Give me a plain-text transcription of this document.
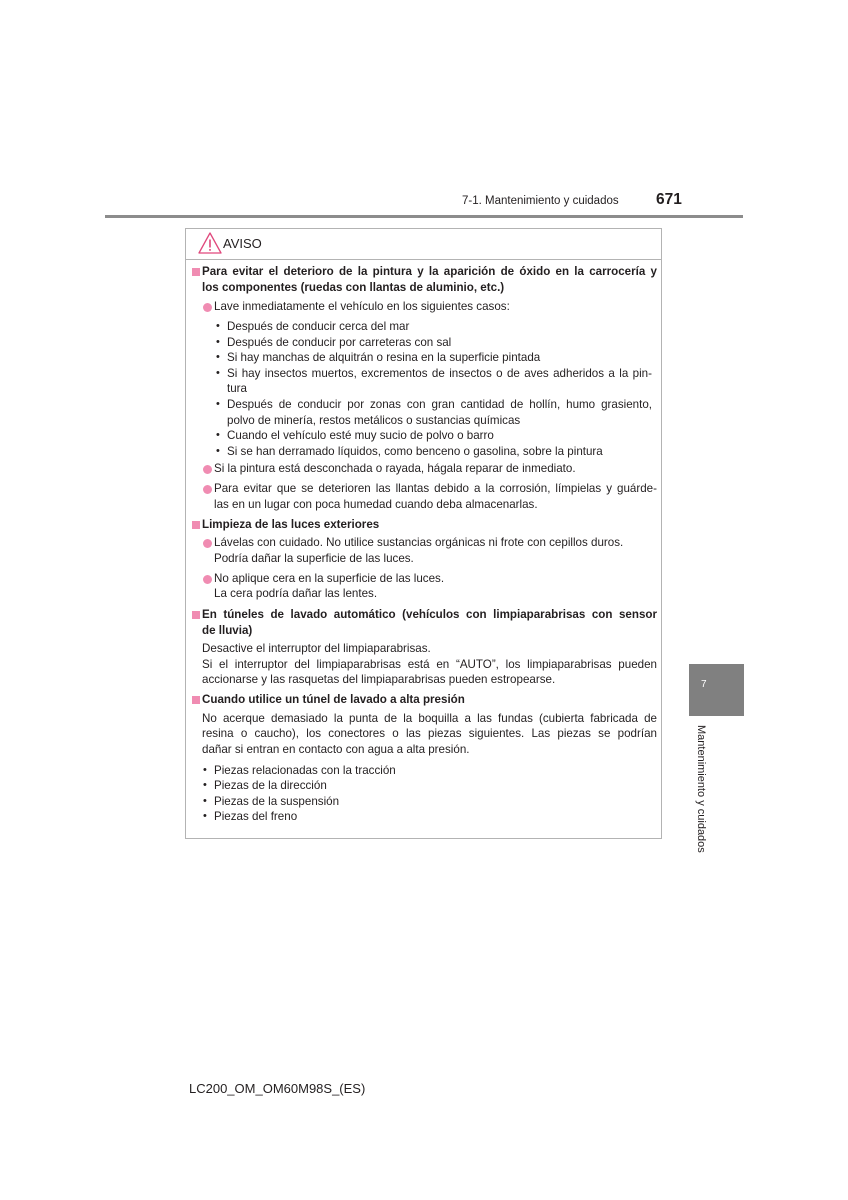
7-1. Mantenimiento y cuidados 671
7
Mantenimiento y cuidados
LC200_OM_OM60M98S_(ES)
AVISO
Para evitar el deterioro de la pintura y la aparición de óxido en la carrocería y
los componentes (ruedas con llantas de aluminio, etc.)
Lave inmediatamente el vehículo en los siguientes casos:
• Después de conducir cerca del mar
• Después de conducir por carreteras con sal
• Si hay manchas de alquitrán o resina en la superficie pintada
• Si hay insectos muertos, excrementos de insectos o de aves adheridos a la pin-
tura
• Después de conducir por zonas con gran cantidad de hollín, humo grasiento,
polvo de minería, restos metálicos o sustancias químicas
• Cuando el vehículo esté muy sucio de polvo o barro
• Si se han derramado líquidos, como benceno o gasolina, sobre la pintura
Si la pintura está desconchada o rayada, hágala reparar de inmediato.
Para evitar que se deterioren las llantas debido a la corrosión, límpielas y guárde-
las en un lugar con poca humedad cuando deba almacenarlas.
Limpieza de las luces exteriores
Lávelas con cuidado. No utilice sustancias orgánicas ni frote con cepillos duros.
Podría dañar la superficie de las luces.
No aplique cera en la superficie de las luces.
La cera podría dañar las lentes.
En túneles de lavado automático (vehículos con limpiaparabrisas con sensor
de lluvia)
Desactive el interruptor del limpiaparabrisas.
Si el interruptor del limpiaparabrisas está en “AUTO”, los limpiaparabrisas pueden
accionarse y las rasquetas del limpiaparabrisas pueden estropearse.
Cuando utilice un túnel de lavado a alta presión
No acerque demasiado la punta de la boquilla a las fundas (cubierta fabricada de
resina o caucho), los conectores o las piezas siguientes. Las piezas se podrían
dañar si entran en contacto con agua a alta presión.
• Piezas relacionadas con la tracción
• Piezas de la dirección
• Piezas de la suspensión
• Piezas del freno
